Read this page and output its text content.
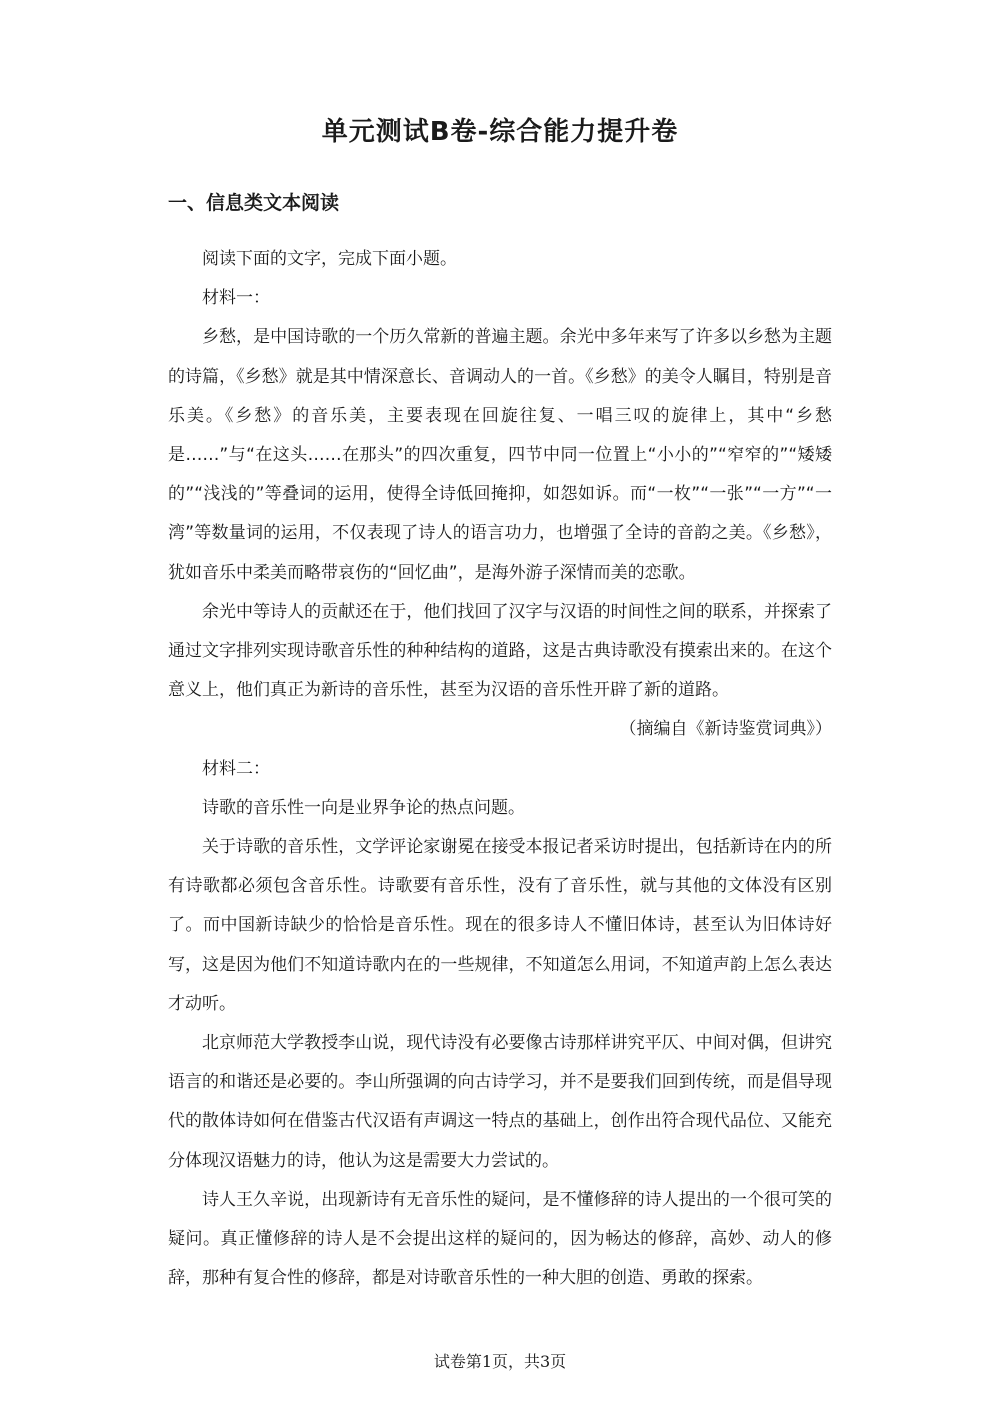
单元测试B卷-综合能力提升卷
一、信息类文本阅读

阅读下面的文字，完成下面小题。

材料一：

乡愁，是中国诗歌的一个历久常新的普遍主题。余光中多年来写了许多以乡愁为主题的诗篇，《乡愁》就是其中情深意长、音调动人的一首。《乡愁》的美令人瞩目，特别是音乐美。《乡愁》的音乐美，主要表现在回旋往复、一唱三叹的旋律上，其中“乡愁是……”与“在这头……在那头”的四次重复，四节中同一位置上“小小的”“窄窄的”“矮矮的”“浅浅的”等叠词的运用，使得全诗低回掩抑，如怨如诉。而“一枚”“一张”“一方”“一湾”等数量词的运用，不仅表现了诗人的语言功力，也增强了全诗的音韵之美。《乡愁》，犹如音乐中柔美而略带哀伤的“回忆曲”，是海外游子深情而美的恋歌。

余光中等诗人的贡献还在于，他们找回了汉字与汉语的时间性之间的联系，并探索了通过文字排列实现诗歌音乐性的种种结构的道路，这是古典诗歌没有摸索出来的。在这个意义上，他们真正为新诗的音乐性，甚至为汉语的音乐性开辟了新的道路。

（摘编自《新诗鉴赏词典》）

材料二：

诗歌的音乐性一向是业界争论的热点问题。

关于诗歌的音乐性，文学评论家谢冕在接受本报记者采访时提出，包括新诗在内的所有诗歌都必须包含音乐性。诗歌要有音乐性，没有了音乐性，就与其他的文体没有区别了。而中国新诗缺少的恰恰是音乐性。现在的很多诗人不懂旧体诗，甚至认为旧体诗好写，这是因为他们不知道诗歌内在的一些规律，不知道怎么用词，不知道声韵上怎么表达才动听。

北京师范大学教授李山说，现代诗没有必要像古诗那样讲究平仄、中间对偶，但讲究语言的和谐还是必要的。李山所强调的向古诗学习，并不是要我们回到传统，而是倡导现代的散体诗如何在借鉴古代汉语有声调这一特点的基础上，创作出符合现代品位、又能充分体现汉语魅力的诗，他认为这是需要大力尝试的。

诗人王久辛说，出现新诗有无音乐性的疑问，是不懂修辞的诗人提出的一个很可笑的疑问。真正懂修辞的诗人是不会提出这样的疑问的，因为畅达的修辞，高妙、动人的修辞，那种有复合性的修辞，都是对诗歌音乐性的一种大胆的创造、勇敢的探索。

试卷第1页，共3页
